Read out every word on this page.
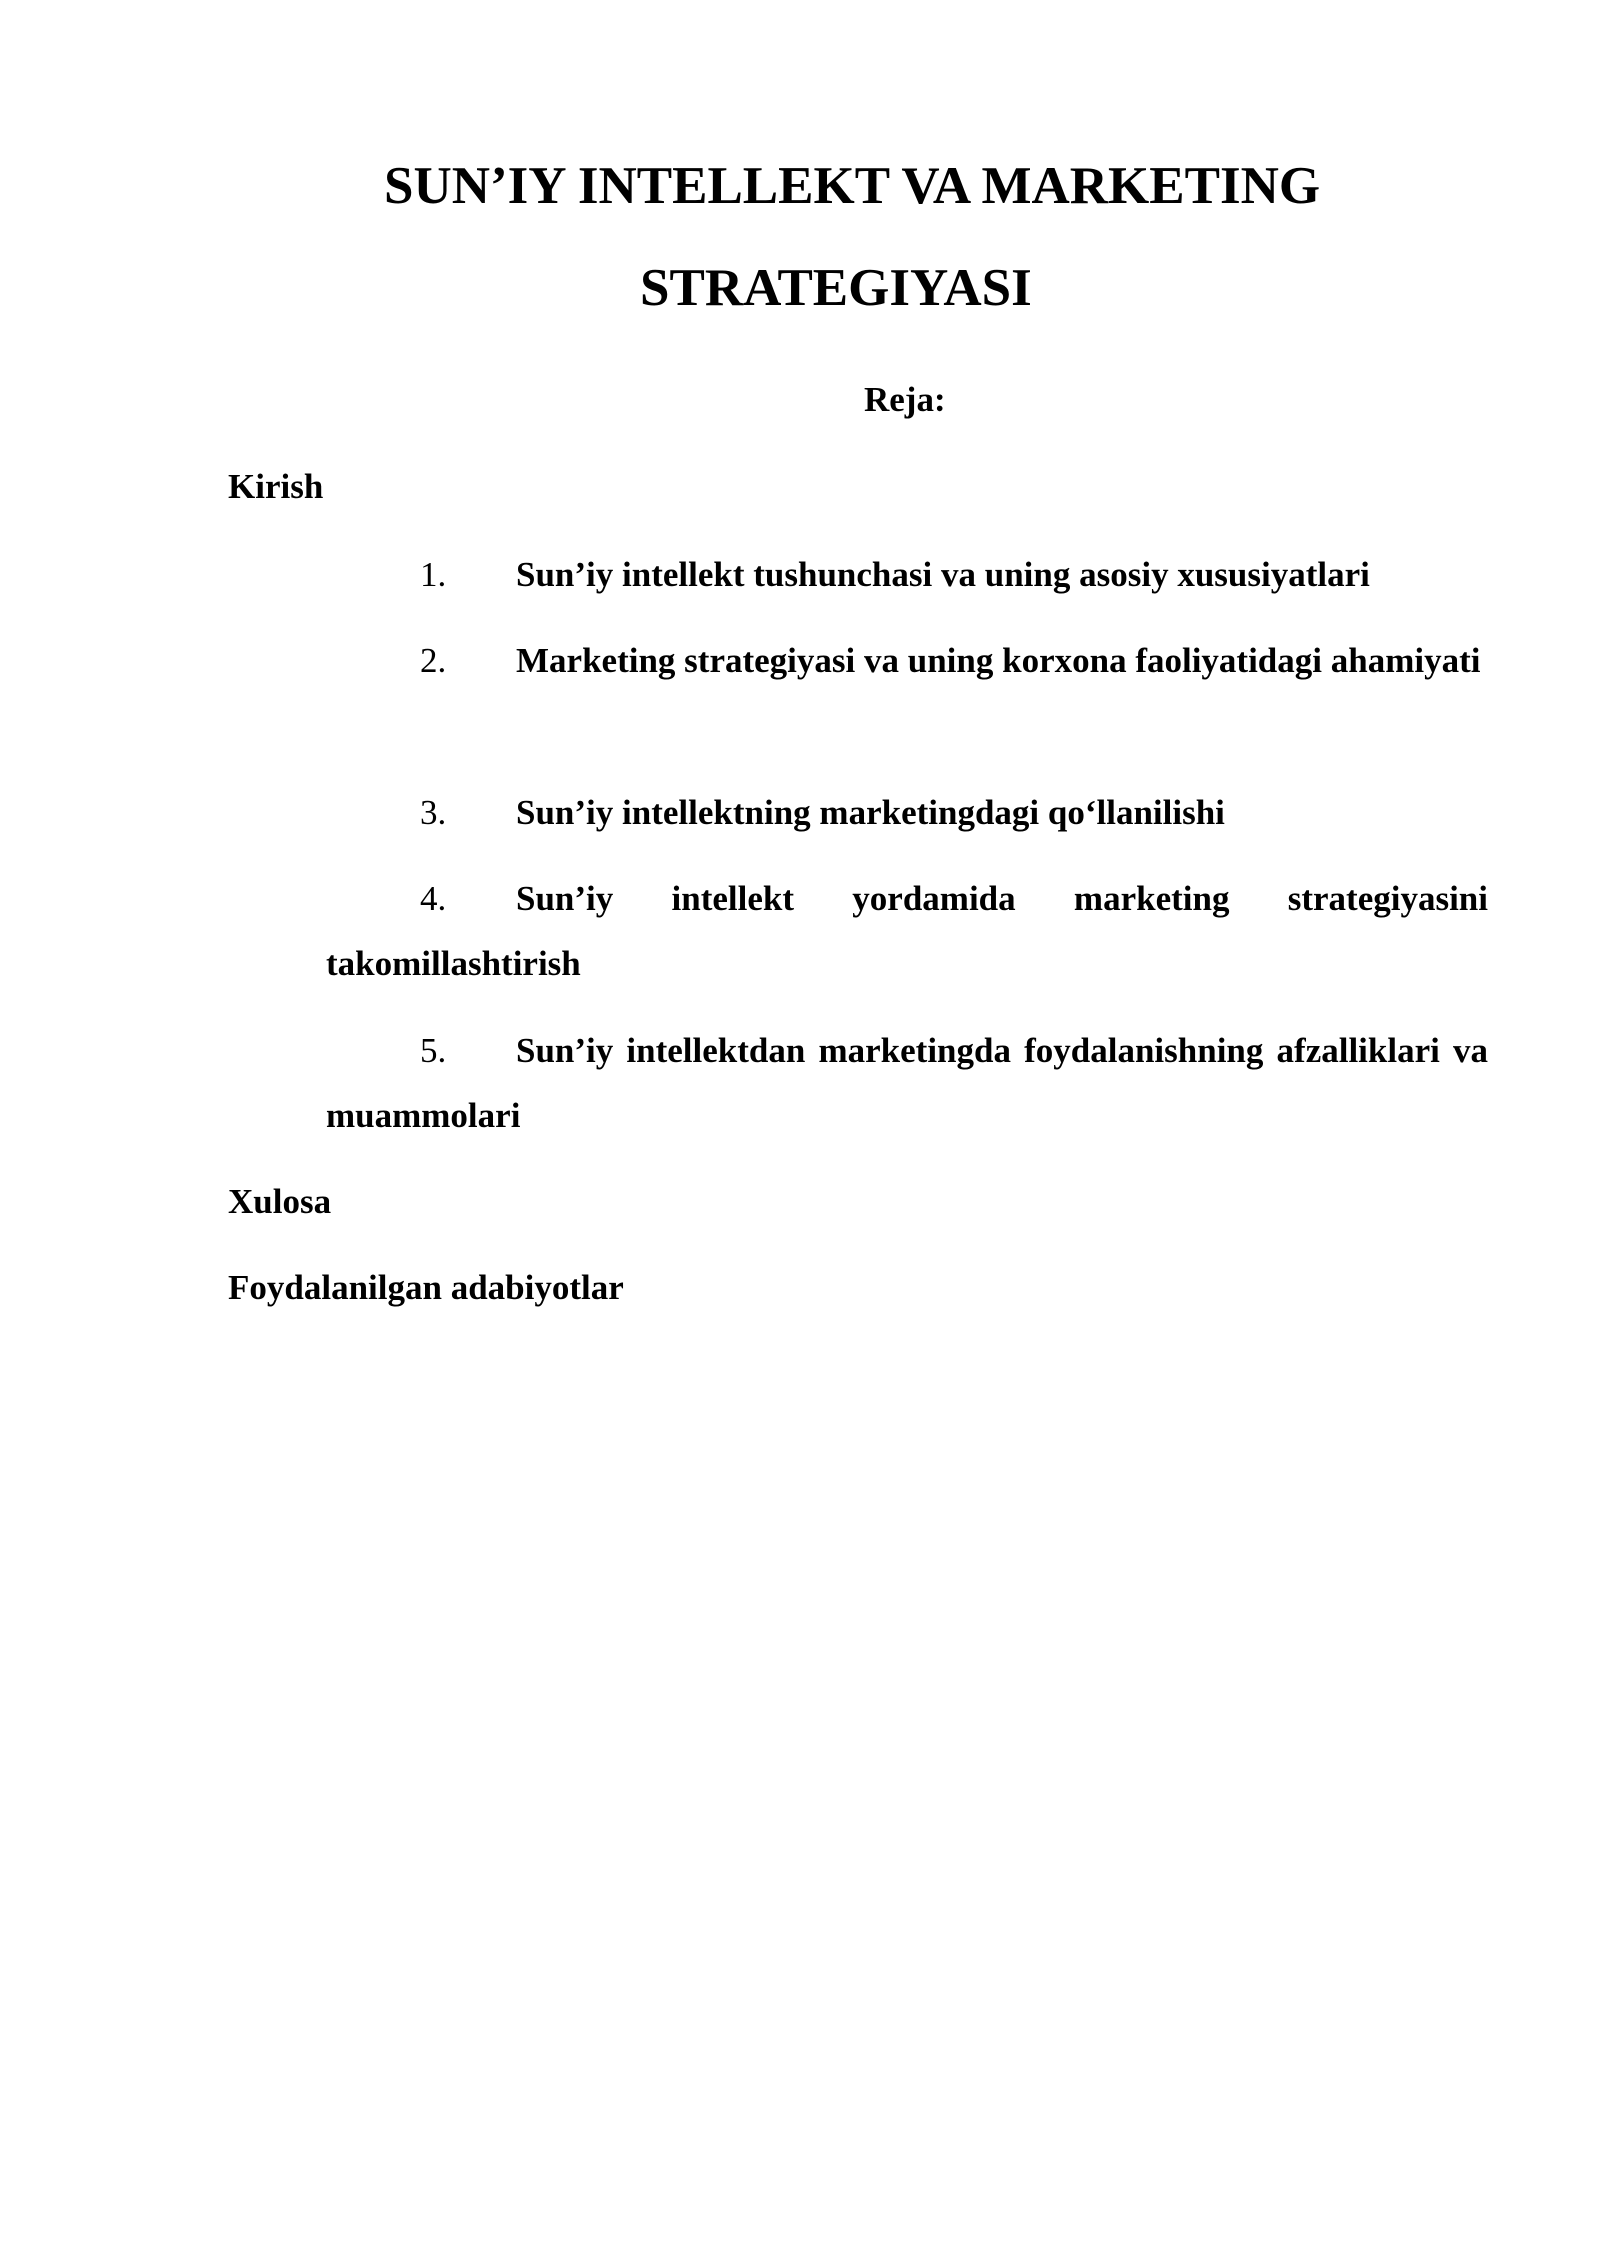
SUN’IY INTELLEKT VA MARKETING
STRATEGIYASI
Reja:
Kirish
1.	Sun’iy intellekt tushunchasi va uning asosiy xususiyatlari
2.	Marketing strategiyasi va uning korxona faoliyatidagi ahamiyati
3.	Sun’iy intellektning marketingdagi qo‘llanilishi
4.	Sun’iy intellekt yordamida marketing strategiyasini takomillashtirish
5.	Sun’iy intellektdan marketingda foydalanishning afzalliklari va muammolari
Xulosa
Foydalanilgan adabiyotlar
